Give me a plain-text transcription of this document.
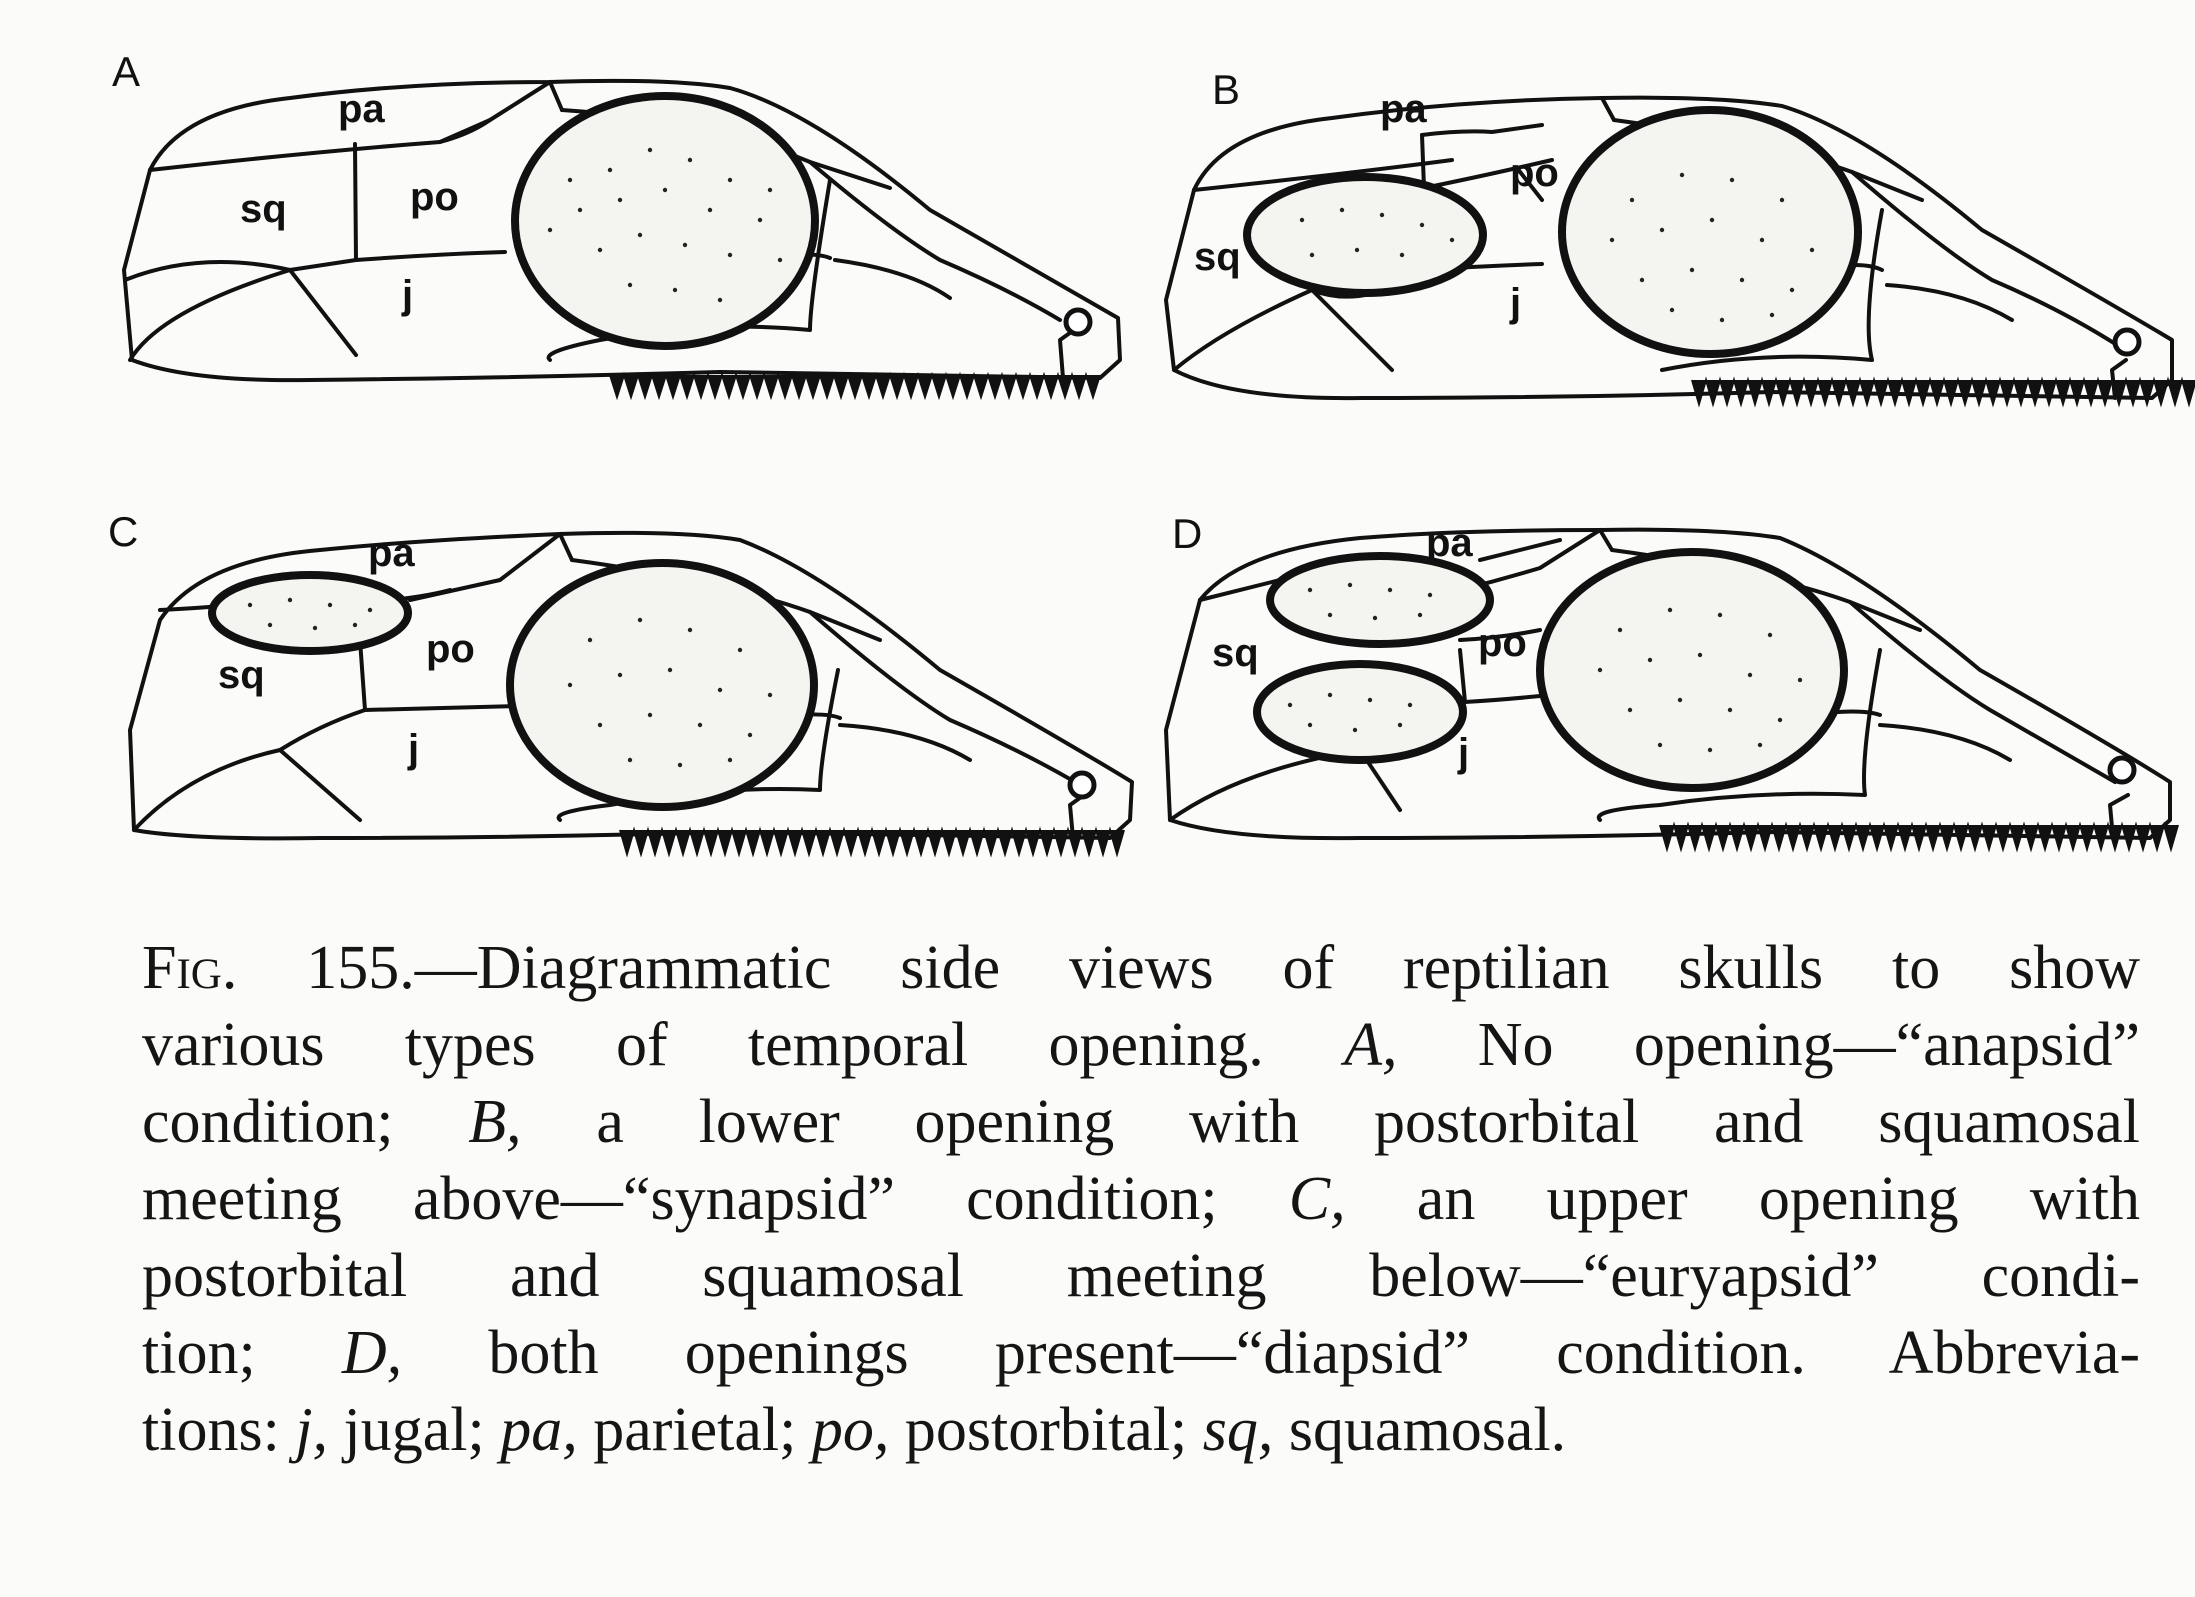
A
pa
sq	po
j
B	pa
sq
po
j
C	pa
sq
po
j
D	pa
sq	po
j
Fig. 155.—Diagrammatic side views of reptilian skulls to show
various types of temporal opening. A, No opening—“anapsid”
condition; B, a lower opening with postorbital and squamosal
meeting above—“synapsid” condition; C, an upper opening with
postorbital and squamosal meeting below—“euryapsid” condi-
tion; D, both openings present—“diapsid” condition. Abbrevia-
tions: j, jugal; pa, parietal; po, postorbital; sq, squamosal.
